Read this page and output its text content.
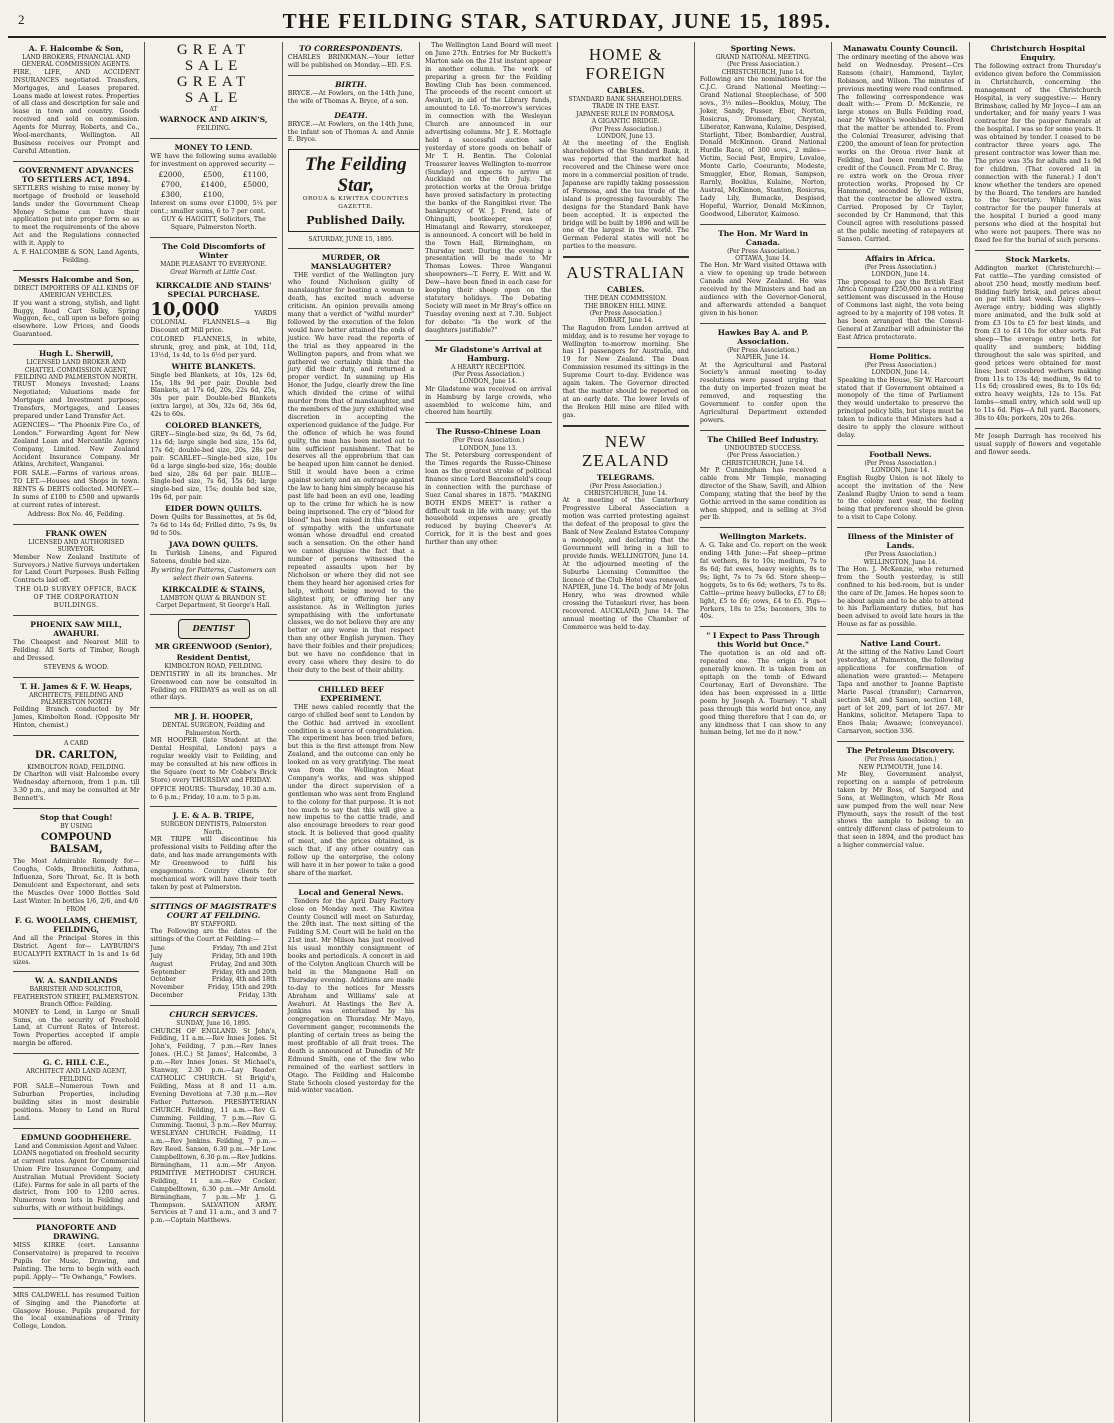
2	THE FEILDING STAR, SATURDAY, JUNE 15, 1895.
A. F. Halcombe & Son,
LAND BROKERS, FINANCIAL AND GENERAL COMMISSION AGENTS.

FIRE, LIFE, AND ACCIDENT INSURANCES negotiated. Transfers, Mortgages, and Leases prepared. Loans made at lowest rates. Properties of all class and description for sale and lease in town and country. Goods received and sold on commission. Agents for Murray, Roberts, and Co., Wool-merchants, Wellington. All Business receives our Prompt and Careful Attention.

GOVERNMENT ADVANCES TO SETTLERS ACT, 1894.

SETTLERS wishing to raise money by mortgage of freehold or leasehold lands under the Government Cheap Money Scheme can have their application put into proper form so as to meet the requirements of the above Act and the Regulations connected with it. Apply to

A. F. HALCOMBE & SON, Land Agents, Feilding.
Messrs Halcombe and Son,
DIRECT IMPORTERS OF ALL KINDS OF AMERICAN VEHICLES.

If you want a strong, stylish, and light Buggy, Road Cart Sulky, Spring Waggon, &c., call upon us before going elsewhere. Low Prices, and Goods Guaranteed.

Hugh L. Sherwill,
LICENSED LAND BROKER AND CHATTEL COMMISSION AGENT, FEILDING AND PALMERSTON NORTH.

TRUST Moneys Invested; Loans Negotiated; Valuations made for Mortgage and Investment purposes; Transfers, Mortgages, and Leases prepared under Land Transfer Act.

AGENCIES— "The Phoenix Fire Co., of London." Forwarding Agent for New Zealand Loan and Mercantile Agency Company, Limited. New Zealand Accident Insurance Company. Mr Atkins, Architect, Wanganui.

FOR SALE.—Farms of various areas. TO LET.—Houses and Shops in town. RENTS & DEBTS collected. MONEY.—In sums of £100 to £500 and upwards at current rates of interest.

Address: Box No. 46, Feilding.
FRANK OWEN
LICENSED AND AUTHORISED SURVEYOR.

Member New Zealand Institute of Surveyors.) Native Surveys undertaken for Land Court Purposes. Bush Felling Contracts laid off.

THE OLD SURVEY OFFICE, BACK OF THE CORPORATION BUILDINGS.
PHOENIX SAW MILL, AWAHURI.

The Cheapest and Nearest Mill to Feilding. All Sorts of Timber, Rough and Dressed.

STEVENS & WOOD.
T. H. James & F. W. Heaps,
ARCHITECTS, FEILDING AND PALMERSTON NORTH

Feilding Branch conducted by Mr James, Kimbolton Road. (Opposite Mr Hinton, chemist.)

A CARD
DR. CARLTON,
KIMBOLTON ROAD, FEILDING.

Dr Charlton will visit Halcombe every Wednesday afternoon, from 1 p.m. till 3.30 p.m., and may be consulted at Mr Bennett's.

Stop that Cough!
BY USING
COMPOUND BALSAM,

The Most Admirable Remedy for— Coughs, Colds, Bronchitis, Asthma, Influenza, Sore Throat, &c. It is both Demulcent and Expectorant, and sets the Muscles Over 1000 Bottles Sold Last Winter. In bottles 1/6, 2/6, and 4/6

FROM
F. G. WOOLLAMS, CHEMIST, FEILDING,

And all the Principal Stores in this District. Agent for— LAYBURN'S EUCALYPTI EXTRACT In 1s and 1s 6d sizes.

W. A. SANDILANDS
BARRISTER AND SOLICITOR, FEATHERSTON STREET, PALMERSTON. Branch Office: Feilding.

MONEY to Lend, in Large or Small Sums, on the security of Freehold Land, at Current Rates of Interest. Town Properties accepted if ample margin be offered.

G. C. HILL C.E.,
ARCHITECT AND LAND AGENT, FEILDING.

FOR SALE—Numerous Town and Suburban Properties, including building sites in most desirable positions. Money to Lend on Rural Land.

EDMUND GOODHEHERE.
Land and Commission Agent and Valuer.

LOANS negotiated on freehold security at current rates. Agent for Commercial Union Fire Insurance Company, and Australian Mutual Provident Society (Life). Farms for sale in all parts of the district, from 100 to 1200 acres. Numerous town lots in Feilding and suburbs, with or without buildings.

PIANOFORTE AND DRAWING.

MISS KIRKE (cert. Lansanne Conservatoire) is prepared to receive Pupils for Music, Drawing, and Painting. The term to begin with each pupil. Apply— "Te Owhanga," Fowlers.

MRS CALDWELL has resumed Tuition of Singing and the Pianoforte at Glasgow House. Pupils prepared for the local examinations of Trinity College, London.

GREAT SALE
GREAT SALE
AT
WARNOCK AND AIKIN'S,
FEILDING.
MONEY TO LEND.

WE have the following sums available for investment on approved security —

£2000,	£500,	£1100,
£700,	£1400,	£5000,
£300,	£100,

Interest on sums over £1000, 5¼ per cent.; smaller sums, 6 to 7 per cent.

GUY & HAGGITT, Solicitors, The Square, Palmerston North.
The Cold Discomforts of Winter
MADE PLEASANT TO EVERYONE.
Great Warmth at Little Cost.
KIRKCALDIE AND STAINS' SPECIAL PURCHASE.

10,000	YARDS COLONIAL FLANNELS—a Big Discount off Mill price.

COLORED FLANNELS, in white, shrunk, grey, and pink, at 10d, 11d, 13½d, 1s 4d, to 1s 6½d per yard.

WHITE BLANKETS.

Single bed Blankets, at 10s, 12s 6d, 15s, 18s 9d per pair. Double bed Blankets, at 17s 6d, 20s, 22s 6d, 25s, 30s per pair. Double-bed Blankets (extra large), at 30s, 32s 6d, 36s 6d, 42s to 60s.

COLORED BLANKETS,

GREY—Single-bed size, 9s 6d, 7s 6d, 11s 6d; large single bed size, 15s 6d, 17s 6d; double-bed size, 20s, 28s per pair. SCARLET—Single-bed size, 10s 6d a large single-bed size, 16s; double bed size, 28s 6d per pair. BLUE—Single-bed size, 7s 6d, 15s 6d; large single-bed size, 15s; double bed size, 19s 6d, per pair.

EIDER DOWN QUILTS.

Down Quilts for Bassinettes, at 5s 6d, 7s 6d to 14s 6d; Frilled ditto, 7s 9s, 9s 9d to 50s.

JAVA DOWN QUILTS.

In Turkish Linens, and Figured Sateens, double bed size.

By writing for Patterns, Customers can select their own Sateens.

KIRKCALDIE & STAINS,
LAMBTON QUAY & BRANDON ST. Carpet Department, St George's Hall.
DENTIST
MR GREENWOOD (Senior),
Resident Dentist,
KIMBOLTON ROAD, FEILDING.

DENTISTRY in all its branches. Mr Greenwood can now be consulted in Feilding on FRIDAYS as well as on all other days.

MR J. H. HOOPER,
DENTAL SURGEON, Feilding and Palmerston North.

MR HOOPER (late Student at the Dental Hospital, London) pays a regular weekly visit to Feilding, and may be consulted at his new offices in the Square (next to Mr Cobbe's Brick Store) every THURSDAY and FRIDAY.

OFFICE HOURS: Thursday, 10.30 a.m. to 6 p.m.; Friday, 10 a.m. to 5 p.m.

J. E. & A. B. TRIPE,
SURGEON DENTISTS, Palmerston North.

MR TRIPE will discontinue his professional visits to Feilding after the date, and has made arrangements with Mr Greenwood to fulfil his engagements. Country clients for mechanical work will have their teeth taken by post at Palmerston.

SITTINGS OF MAGISTRATE'S COURT AT FEILDING.
BY STAFFORD.

The Following are the dates of the sittings of the Court at Feilding:—

June	Friday, 7th and 21st
July	Friday, 5th and 19th
August	Friday, 2nd and 30th
September	Friday, 6th and 20th
October	Friday, 4th and 18th
November	Friday, 15th and 29th
December	Friday, 13th
CHURCH SERVICES.
SUNDAY, June 16, 1895.

CHURCH OF ENGLAND. St John's, Feilding, 11 a.m.—Rev Innes Jones. St John's, Feilding, 7 p.m.—Rev Innes Jones. (H.C.) St James', Halcombe, 3 p.m.—Rev Innes Jones. St Michael's, Stanway, 2.30 p.m.—Lay Reader. CATHOLIC CHURCH. St Brigid's, Feilding, Mass at 8 and 11 a.m. Evening Devotions at 7.30 p.m.—Rev Father Patterson. PRESBYTERIAN CHURCH. Feilding, 11 a.m.—Rev G. Cumming. Feilding, 7 p.m.—Rev G. Cumming. Taonui, 3 p.m.—Rev Murray. WESLEYAN CHURCH. Feilding, 11 a.m.—Rev Jenkins. Feilding, 7 p.m.—Rev Reed. Sanson, 6.30 p.m.—Mr Low. Campbelltown, 6.30 p.m.—Rev Judkins. Birmingham, 11 a.m.—Mr Anyon. PRIMITIVE METHODIST CHURCH. Feilding, 11 a.m.—Rev Cocker. Campbelltown, 6.30 p.m.—Mr Arnold. Birmingham, 7 p.m.—Mr J. G. Thompson. SALVATION ARMY. Services at 7 and 11 a.m., and 3 and 7 p.m.—Captain Matthews.

TO CORRESPONDENTS.

CHARLES BRINKMAN.—Your letter will be published on Monday.—ED. F.S.

BIRTH.

BRYCE.—At Fowlers, on the 14th June, the wife of Thomas A. Bryce, of a son.

DEATH.

BRYCE.—At Fowlers, on the 14th June, the infant son of Thomas A. and Annie E. Bryce.

The Feilding Star,
OROUA & KIWITEA COUNTIES GAZETTE.
Published Daily.
SATURDAY, JUNE 15, 1895.
MURDER, OR MANSLAUGHTER?

THE verdict of the Wellington jury who found Nicholson guilty of manslaughter for beating a woman to death, has excited much adverse criticism. An opinion prevails among many that a verdict of "wilful murder" followed by the execution of the felon would have better attained the ends of justice. We have read the reports of the trial as they appeared in the Wellington papers, and from what we gathered we certainly think that the jury did their duty, and returned a proper verdict. In summing up His Honor, the Judge, clearly drew the line which divided the crime of wilful murder from that of manslaughter, and the members of the jury exhibited wise discretion in accepting the experienced guidance of the Judge. For the offence of which he was found guilty, the man has been meted out to him sufficient punishment. That he deserves all the opprobrium that can be heaped upon him cannot be denied. Still it would have been a crime against society and an outrage against the law to hang him simply because his past life had been an evil one, leading up to the crime for which he is now being imprisoned. The cry of "blood for blood" has been raised in this case out of sympathy with the unfortunate woman whose dreadful end created such a sensation. On the other hand we cannot disguise the fact that a number of persons witnessed the repeated assaults upon her by Nicholson or where they did not see them they heard her agonised cries for help, without being moved to the slightest pity, or offering her any assistance. As in Wellington juries sympathising with the unfortunate classes, we do not believe they are any better or any worse in that respect than any other English jurymen. They have their foibles and their prejudices; but we have no confidence that in every case where they desire to do their duty to the best of their ability.

CHILLED BEEF EXPERIMENT.

THE news cabled recently that the cargo of chilled beef sent to London by the Gothic had arrived in excellent condition is a source of congratulation. The experiment has been tried before, but this is the first attempt from New Zealand, and the outcome can only be looked on as very gratifying. The meat was from the Wellington Meat Company's works, and was shipped under the direct supervision of a gentleman who was sent from England to the colony for that purpose. It is not too much to say that this will give a new impetus to the cattle trade, and also encourage breeders to rear good stock. It is believed that good quality of meat, and the prices obtained, is such that, if any other country can follow up the enterprise, the colony will have it in her power to take a good share of the market.

Local and General News.

Tenders for the April Dairy Factory close on Monday next. The Kiwitea County Council will meet on Saturday, the 29th inst. The next sitting of the Feilding S.M. Court will be held on the 21st inst. Mr Milson has just received his usual monthly consignment of books and periodicals. A concert in aid of the Colyton Anglican Church will be held in the Mangaone Hall on Thursday evening. Additions are made to-day to the notices for Messrs Abraham and Williams' sale at Awahuri. At Hastings the Rev A. Jenkins was entertained by his congregation on Thursday. Mr Mayo, Government ganger, recommends the planting of certain trees as being the most profitable of all fruit trees. The death is announced at Dunedin of Mr Edmund Smith, one of the few who remained of the earliest settlers in Otago. The Feilding and Halcombe State Schools closed yesterday for the mid-winter vacation.

The Wellington Land Board will meet on June 27th. Entries for Mr Buckett's Marton sale on the 21st instant appear in another column. The work of preparing a green for the Feilding Bowling Club has been commenced. The proceeds of the recent concert at Awahuri, in aid of the Library funds, amounted to L6. To-morrow's services in connection with the Wesleyan Church are announced in our advertising columns. Mr J. E. Mottagle held a successful auction sale yesterday of store goods on behalf of Mr T. H. Bentin. The Colonial Treasurer leaves Wellington to-morrow (Sunday) and expects to arrive at Auckland on the 6th July. The protection works at the Oroua bridge have proved satisfactory in protecting the banks of the Rangitikei river. The bankruptcy of W. J. Frend, late of Ohingaiti, bootkeeper, was of Himatangi and Rewarry, storekeeper, is announced. A concert will be held in the Town Hall, Birmingham, on Thursday next. During the evening a presentation will be made to Mr Thomas Lowes. Three Wanganui sheepowners—T. Ferry, E. Witt and W. Dew—have been fined in each case for keeping their sheep open on the statutory holidays. The Debating Society will meet in Mr Bray's office on Tuesday evening next at 7.30. Subject for debate: "Is the work of the daughters justifiable?"

Mr Gladstone's Arrival at Hamburg.
A HEARTY RECEPTION.
(Per Press Association.)
LONDON, June 14.

Mr Gladstone was received on arrival in Hamburg by large crowds, who assembled to welcome him, and cheered him heartily.

The Russo-Chinese Loan
(Per Press Association.)
LONDON, June 13.

The St. Petersburg correspondent of the Times regards the Russo-Chinese loan as the greatest stroke of political finance since Lord Beaconsfield's coup in connection with the purchase of Suez Canal shares in 1875. "MAKING BOTH ENDS MEET" is rather a difficult task in life with many; yet the household expenses are greatly reduced by buying Cheever's At Corrick, for it is the best and goes further than any other.

HOME & FOREIGN
CABLES.
STANDARD BANK SHAREHOLDERS.
TRADE IN THE EAST.
JAPANESE RULE IN FORMOSA.
A GIGANTIC BRIDGE.
(Per Press Association.)
LONDON, June 13.

At the meeting of the English shareholders of the Standard Bank, it was reported that the market had recovered and the Chinese were once more in a commercial position of trade. Japanese are rapidly taking possession of Formosa, and the tea trade of the island is progressing favourably. The designs for the Standard Bank have been accepted. It is expected the bridge will be built by 1896 and will be one of the largest in the world. The German Federal states will not be parties to the measure.

AUSTRALIAN
CABLES.
THE DEAN COMMISSION.
THE BROKEN HILL MINE.
(Per Press Association.)
HOBART, June 14.

The Ragudon from London arrived at midday, and is to resume her voyage to Wellington to-morrow morning. She has 11 passengers for Australia, and 19 for New Zealand. The Dean Commission resumed its sittings in the Supreme Court to-day. Evidence was again taken. The Governor directed that the matter should be reported on at an early date. The lower levels of the Broken Hill mine are filled with gas.

NEW ZEALAND
TELEGRAMS.
(Per Press Association.)
CHRISTCHURCH, June 14.

At a meeting of the Canterbury Progressive Liberal Association a motion was carried protesting against the defeat of the proposal to give the Bank of New Zealand Estates Company a monopoly, and declaring that the Government will bring in a bill to provide funds. WELLINGTON, June 14. At the adjourned meeting of the Suburbs Licensing Committee the licence of the Club Hotel was renewed. NAPIER, June 14. The body of Mr John Henry, who was drowned while crossing the Tutaekuri river, has been recovered. AUCKLAND, June 14. The annual meeting of the Chamber of Commerce was held to-day.

Sporting News.
GRAND NATIONAL MEETING.
(Per Press Association.)
CHRISTCHURCH, June 14.

Following are the nominations for the C.J.C. Grand National Meeting:— Grand National Steeplechase, of 500 sovs., 3½ miles—Booklus, Moiuy, The Joker, Sandy, Pusser, Ebor, Norton, Rosicrus, Dromedary, Chrystal, Liberator, Kanwana, Kulaine, Despised, Starlight, Tiber, Bombardier, Austral, Donald McKinnon. Grand National Hurdle Race, of 300 sovs., 2 miles—Victim, Social Pest, Empire, Lovaloe, Monte Carlo, Coeurante, Modeste, Smuggler, Ebor, Roman, Sampson, Rarnly, Booklus, Kulaine, Norton, Austral, McKinnon, Stanton, Rosicrus, Lady Lily, Bumacke, Despised, Hopeful, Warrior, Donald McKinnon, Goodwood, Liberator, Kaimoso.

The Hon. Mr Ward in Canada.
(Per Press Association.)
OTTAWA, June 14.

The Hon. Mr Ward visited Ottawa with a view to opening up trade between Canada and New Zealand. He was received by the Ministers and had an audience with the Governor-General, and afterwards attended a banquet given in his honor.

Hawkes Bay A. and P. Association.
(Per Press Association.)
NAPIER, June 14.

At the Agricultural and Pastoral Society's annual meeting to-day resolutions were passed urging that the duty on imported frozen meat be removed, and requesting the Government to confer upon the Agricultural Department extended powers.

The Chilled Beef Industry.
UNDOUBTED SUCCESS.
(Per Press Association.)
CHRISTCHURCH, June 14.

Mr P. Cunningham has received a cable from Mr Temple, managing director of the Shaw, Savill, and Albion Company, stating that the beef by the Gothic arrived in the same condition as when shipped, and is selling at 3½d per lb.

Wellington Markets.

A. G. Take and Co. report on the week ending 14th June:—Fat sheep—prime fat wethers, 8s to 10s; medium, 7s to 8s 6d; fat ewes, heavy weights, 8s to 9s; light, 7s to 7s 6d. Store sheep—hoggets, 5s to 6s 6d; wethers, 7s to 8s. Cattle—prime heavy bullocks, £7 to £8; light, £5 to £6; cows, £4 to £5. Pigs—Porkers, 18s to 25s; baconers, 30s to 40s.

" I Expect to Pass Through this World but Once."

The quotation is an old and oft-repeated one. The origin is not generally known. It is taken from an epitaph on the tomb of Edward Courtenay, Earl of Devonshire. The idea has been expressed in a little poem by Joseph A. Tourney: "I shall pass through this world but once, any good thing therefore that I can do, or any kindness that I can show to any human being, let me do it now."

Manawatu County Council.

The ordinary meeting of the above was held on Wednesday. Present—Crs Ransom (chair), Hammond, Taylor, Robinson, and Wilson. The minutes of previous meeting were read confirmed. The following correspondence was dealt with:— From D. McKenzie, re large stones on Bulls Feilding road, near Mr Wilson's woolshed. Resolved that the matter be attended to. From the Colonial Treasurer, advising that £200, the amount of loan for protection works on the Oroua river bank at Feilding, had been remitted to the credit of the Council. From Mr C. Bray, re extra work on the Oroua river protection works. Proposed by Cr Hammond, seconded by Cr Wilson, that the contractor be allowed extra. Carried. Proposed by Cr Taylor, seconded by Cr Hammond, that this Council agree with resolutions passed at the public meeting of ratepayers at Sanson. Carried.

Affairs in Africa.
(Per Press Association.)
LONDON, June 14.

The proposal to pay the British East Africa Company £250,000 as a retiring settlement was discussed in the House of Commons last night, the vote being agreed to by a majority of 198 votes. It has been arranged that the Consul-General at Zanzibar will administer the East Africa protectorate.

Home Politics.
(Per Press Association.)
LONDON, June 14.

Speaking in the House, Sir W. Harcourt stated that if Government obtained a monopoly of the time of Parliament they would undertake to preserve the principal policy bills, but steps must be taken to indicate that Ministers had a desire to apply the closure without delay.

Football News.
(Per Press Association.)
LONDON, June 14.

English Rugby Union is not likely to accept the invitation of the New Zealand Rugby Union to send a team to the colony next year, the feeling being that preference should be given to a visit to Cape Colony.

Illness of the Minister of Lands.
(Per Press Association.)
WELLINGTON, June 14.

The Hon. J. McKenzie, who returned from the South yesterday, is still confined to his bed-room, but is under the care of Dr. James. He hopes soon to be about again and to be able to attend to his Parliamentary duties, but has been advised to avoid late hours in the House as far as possible.

Native Land Court.

At the sitting of the Native Land Court yesterday, at Palmerston, the following applications for confirmation of alienation were granted:— Metapere Tapa and another to Joanne Baptiste Marie Pascal (transfer); Carnarvon, section 348, and Sanson, section 148, part of lot 209, part of lot 267. Mr Hankins, solicitor. Metapere Tapa to Enos Ihaia; Awaawe; (conveyance). Carnarvon, section 336.

The Petroleum Discovery.
(Per Press Association.)
NEW PLYMOUTH, June 14.

Mr Bley, Government analyst, reporting on a sample of petroleum taken by Mr Ross, of Sargood and Sons, at Wellington, which Mr Ross saw pumped from the well near New Plymouth, says the result of the test shows the sample to belong to an entirely different class of petroleum to that seen in 1894, and the product has a higher commercial value.

Christchurch Hospital Enquiry.

The following extract from Thursday's evidence given before the Commission in Christchurch, concerning the management of the Christchurch Hospital, is very suggestive:— Henry Brimshaw, called by Mr Joyce—I am an undertaker, and for many years I was contractor for the pauper funerals at the hospital. I was so for some years. It was obtained by tender. I ceased to be contractor three years ago. The present contractor was lower than me. The price was 35s for adults and 1s 9d for children. (That covered all in connection with the funeral.) I don't know whether the tenders are opened by the Board. The tenders are handed to the Secretary. While I was contractor for the pauper funerals at the hospital I buried a good many persons who died at the hospital but who were not paupers. There was no fixed fee for the burial of such persons.

Stock Markets.

Addington market (Christchurch):— Fat cattle—The yarding consisted of about 250 head, mostly medium beef. Bidding fairly brisk, and prices about on par with last week. Dairy cows—Average entry; bidding was slightly more animated, and the bulk sold at from £3 10s to £5 for best kinds, and from £3 to £4 10s for other sorts. Fat sheep—The average entry both for quality and numbers; bidding throughout the sale was spirited, and good prices were obtained for most lines; best crossbred wethers making from 11s to 13s 4d; medium, 9s 6d to 11s 6d; crossbred ewes, 8s to 10s 6d; extra heavy weights, 12s to 15s. Fat lambs—small entry, which sold well up to 11s 6d. Pigs—A full yard. Baconers, 30s to 40s; porkers, 20s to 26s.

Mr Joseph Darragh has received his usual supply of flowers and vegetable and flower seeds.
